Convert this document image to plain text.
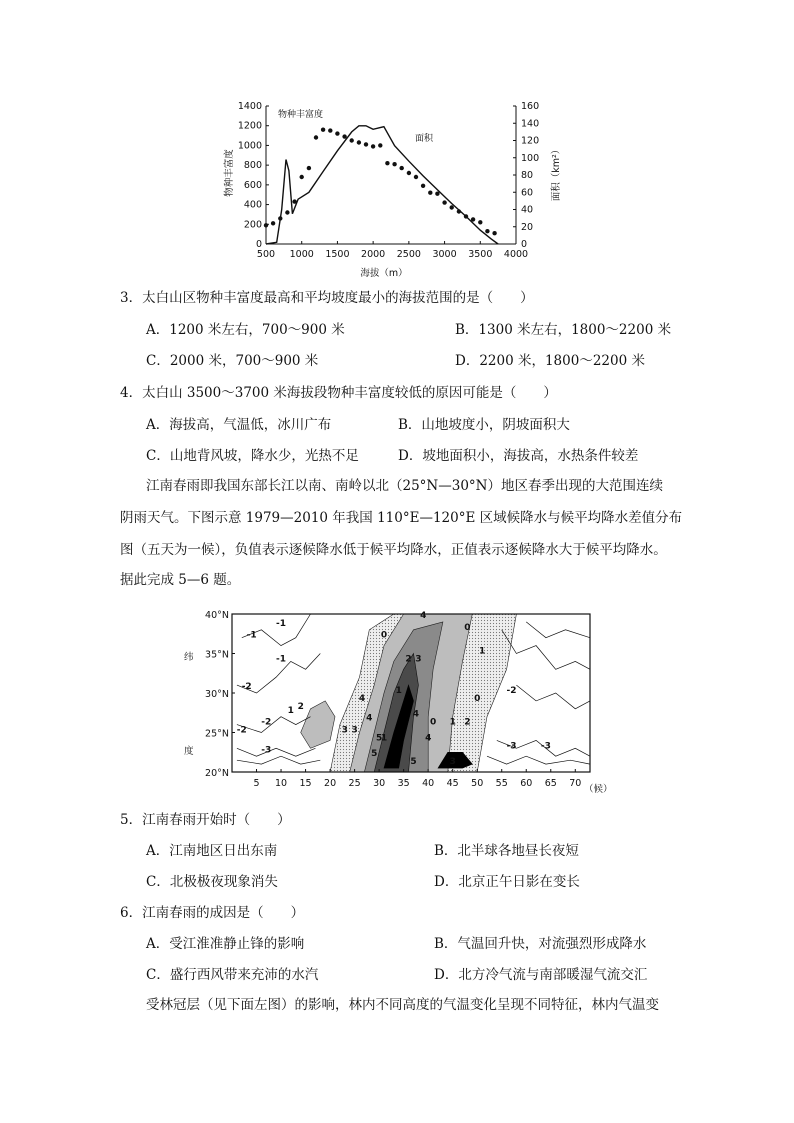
500 1000 1500 2000 2500 3000 3500 4000
0
200
400
600
800
1000
1200
1400
0
20
40
60
80
100
120
140
160
物种丰富度
面积
海拔（m）
物种丰富度	面积（km²）
3．太白山区物种丰富度最高和平均坡度最小的海拔范围的是（　　）
A．1200 米左右，700～900 米	B．1300 米左右，1800～2200 米
C．2000 米，700～900 米	D．2200 米，1800～2200 米
4．太白山 3500～3700 米海拔段物种丰富度较低的原因可能是（　　）
A．海拔高，气温低，冰川广布	B．山地坡度小，阴坡面积大
C．山地背风坡，降水少，光热不足	D．坡地面积小，海拔高，水热条件较差
江南春雨即我国东部长江以南、南岭以北（25°N—30°N）地区春季出现的大范围连续
阴雨天气。下图示意 1979—2010 年我国 110°E—120°E 区域候降水与候平均降水差值分布
图（五天为一候），负值表示逐候降水低于候平均降水，正值表示逐候降水大于候平均降水。
据此完成 5—6 题。
5 10 15 20 25 30 35 40 45 50 55 60 65 70
20°N
25°N
30°N
35°N
40°N
-1
-1
-2
-2
1 2
3 3
4
5
4
5
0
1
2 3
4
4
5
4
3
0 1 2
0
1
-2
0
-3
-1
-2
-3	-3
1
纬
度
（候）
5．江南春雨开始时（　　）
A．江南地区日出东南	B．北半球各地昼长夜短
C．北极极夜现象消失	D．北京正午日影在变长
6．江南春雨的成因是（　　）
A．受江淮准静止锋的影响	B．气温回升快，对流强烈形成降水
C．盛行西风带来充沛的水汽	D．北方冷气流与南部暖湿气流交汇
受林冠层（见下面左图）的影响，林内不同高度的气温变化呈现不同特征，林内气温变
